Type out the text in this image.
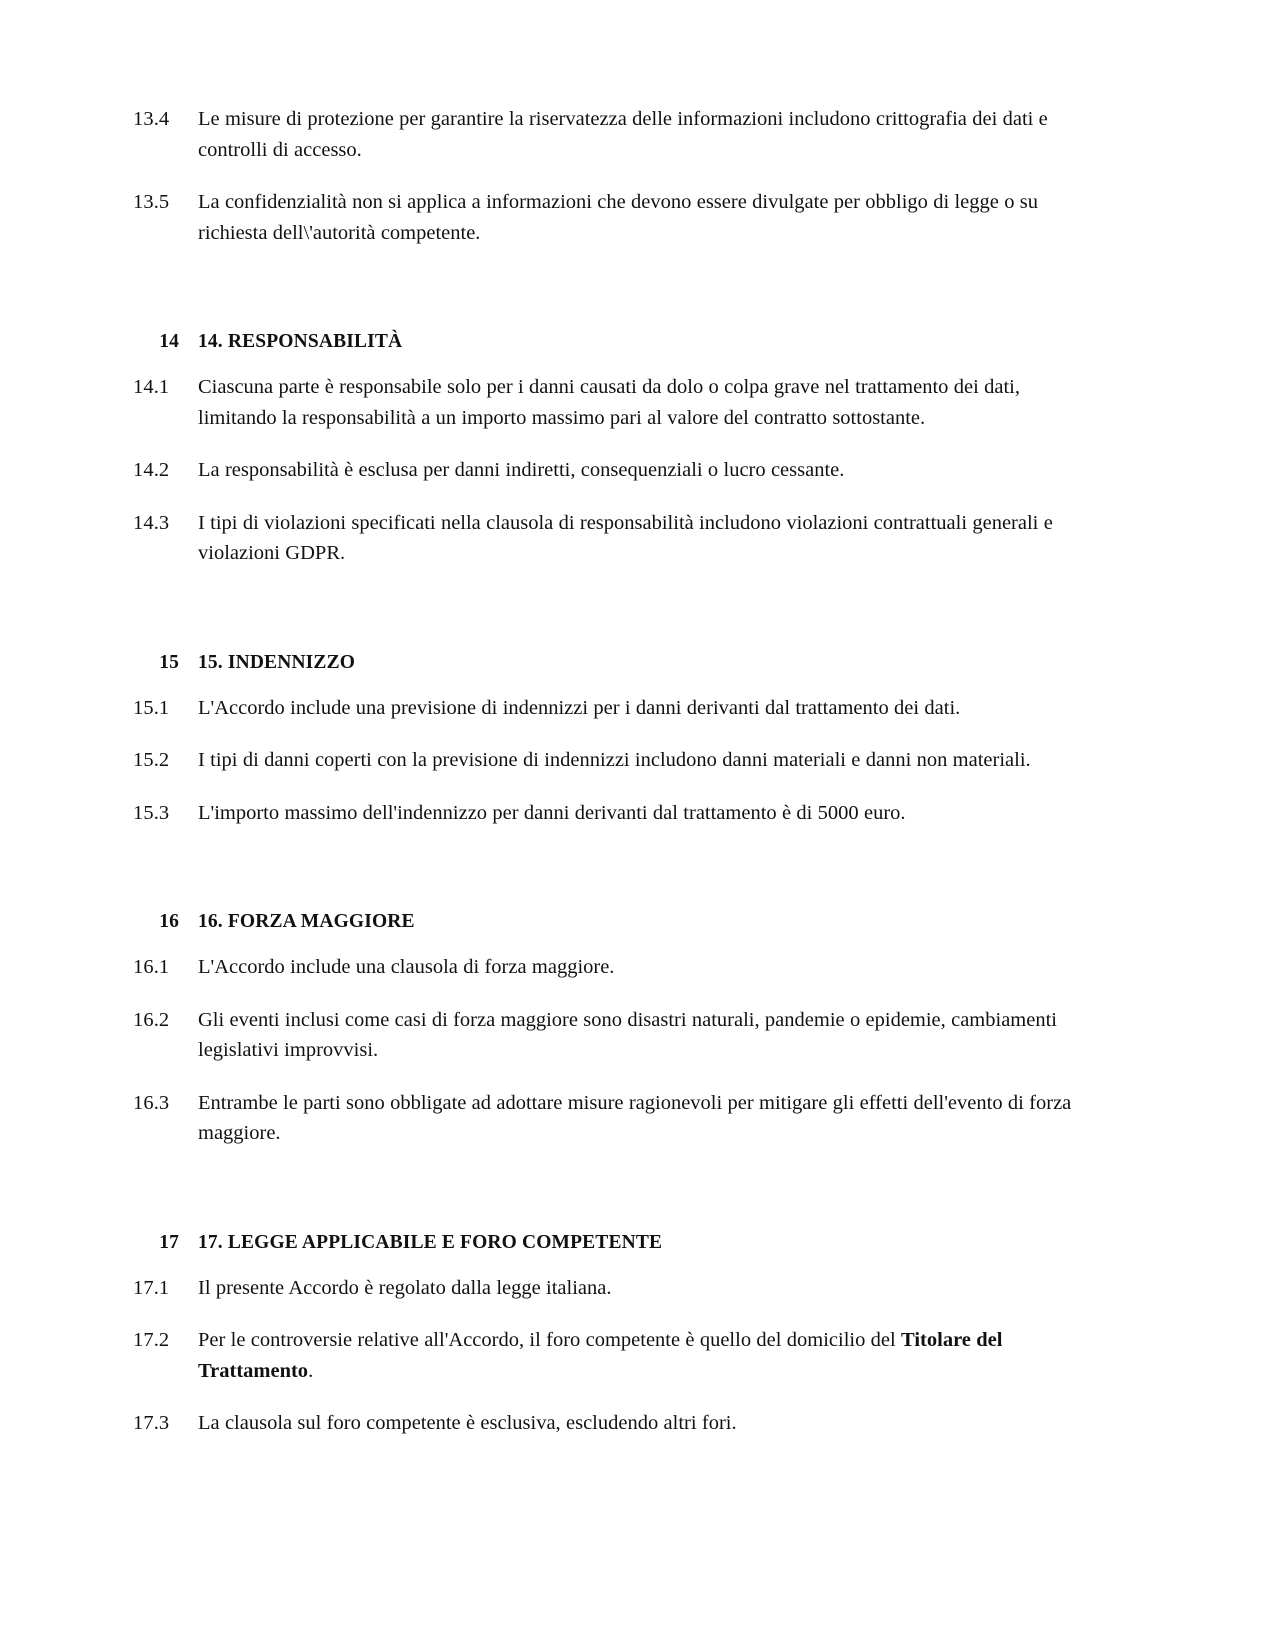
13.4	Le misure di protezione per garantire la riservatezza delle informazioni includono crittografia dei dati e controlli di accesso.
13.5	La confidenzialità non si applica a informazioni che devono essere divulgate per obbligo di legge o su richiesta dell\'autorità competente.
14 14. RESPONSABILITÀ
14.1	Ciascuna parte è responsabile solo per i danni causati da dolo o colpa grave nel trattamento dei dati, limitando la responsabilità a un importo massimo pari al valore del contratto sottostante.
14.2	La responsabilità è esclusa per danni indiretti, consequenziali o lucro cessante.
14.3	I tipi di violazioni specificati nella clausola di responsabilità includono violazioni contrattuali generali e violazioni GDPR.
15 15. INDENNIZZO
15.1	L'Accordo include una previsione di indennizzi per i danni derivanti dal trattamento dei dati.
15.2	I tipi di danni coperti con la previsione di indennizzi includono danni materiali e danni non materiali.
15.3	L'importo massimo dell'indennizzo per danni derivanti dal trattamento è di 5000 euro.
16 16. FORZA MAGGIORE
16.1	L'Accordo include una clausola di forza maggiore.
16.2	Gli eventi inclusi come casi di forza maggiore sono disastri naturali, pandemie o epidemie, cambiamenti legislativi improvvisi.
16.3	Entrambe le parti sono obbligate ad adottare misure ragionevoli per mitigare gli effetti dell'evento di forza maggiore.
17 17. LEGGE APPLICABILE E FORO COMPETENTE
17.1	Il presente Accordo è regolato dalla legge italiana.
17.2	Per le controversie relative all'Accordo, il foro competente è quello del domicilio del Titolare del Trattamento.
17.3	La clausola sul foro competente è esclusiva, escludendo altri fori.
